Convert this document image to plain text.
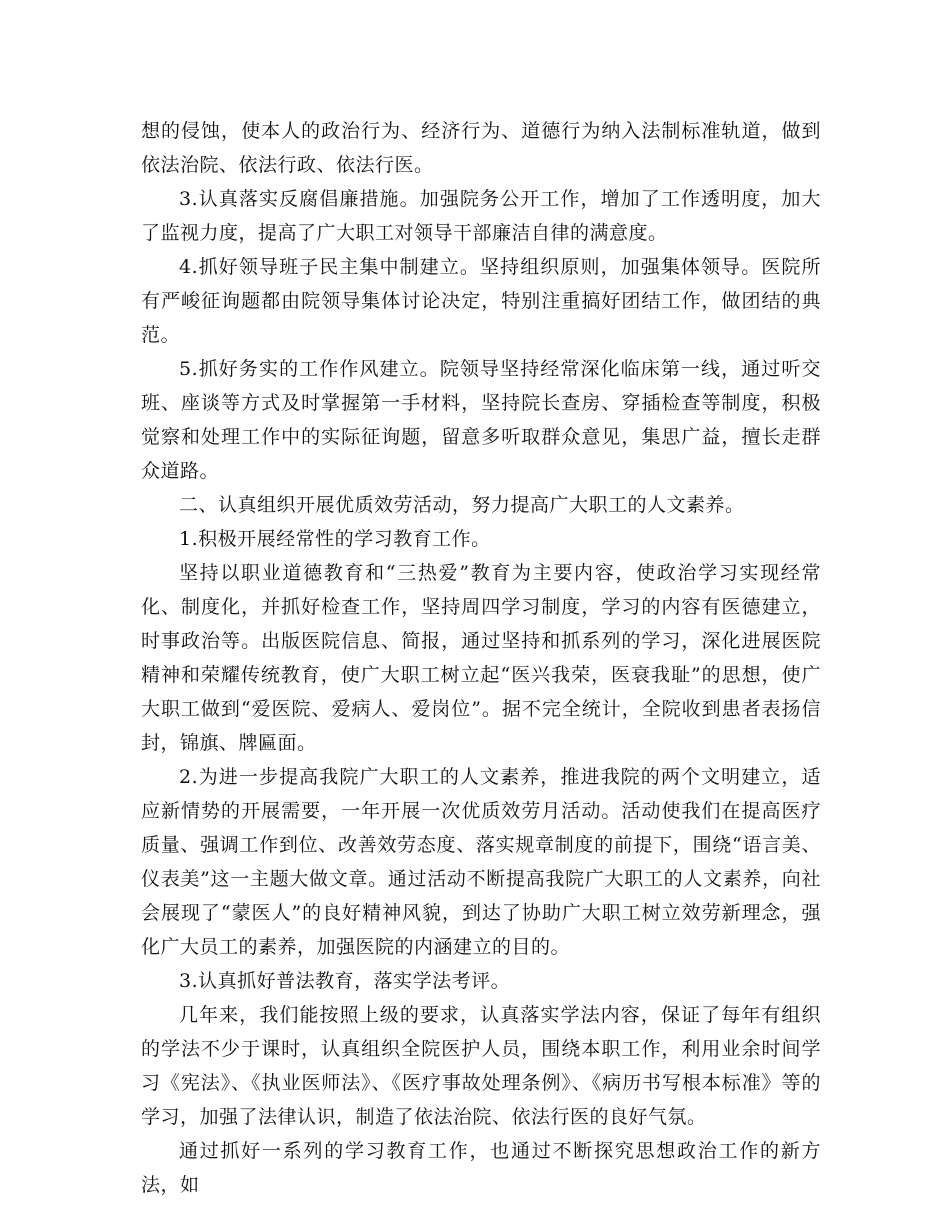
想的侵蚀，使本人的政治行为、经济行为、道德行为纳入法制标准轨道，做到依法治院、依法行政、依法行医。

3.认真落实反腐倡廉措施。加强院务公开工作，增加了工作透明度，加大了监视力度，提高了广大职工对领导干部廉洁自律的满意度。

4.抓好领导班子民主集中制建立。坚持组织原则，加强集体领导。医院所有严峻征询题都由院领导集体讨论决定，特别注重搞好团结工作，做团结的典范。

5.抓好务实的工作作风建立。院领导坚持经常深化临床第一线，通过听交班、座谈等方式及时掌握第一手材料，坚持院长查房、穿插检查等制度，积极觉察和处理工作中的实际征询题，留意多听取群众意见，集思广益，擅长走群众道路。

二、认真组织开展优质效劳活动，努力提高广大职工的人文素养。

1.积极开展经常性的学习教育工作。

坚持以职业道德教育和“三热爱”教育为主要内容，使政治学习实现经常化、制度化，并抓好检查工作，坚持周四学习制度，学习的内容有医德建立，时事政治等。出版医院信息、简报，通过坚持和抓系列的学习，深化进展医院精神和荣耀传统教育，使广大职工树立起“医兴我荣，医衰我耻”的思想，使广大职工做到“爱医院、爱病人、爱岗位”。据不完全统计，全院收到患者表扬信封，锦旗、牌匾面。

2.为进一步提高我院广大职工的人文素养，推进我院的两个文明建立，适应新情势的开展需要，一年开展一次优质效劳月活动。活动使我们在提高医疗质量、强调工作到位、改善效劳态度、落实规章制度的前提下，围绕“语言美、仪表美”这一主题大做文章。通过活动不断提高我院广大职工的人文素养，向社会展现了“蒙医人”的良好精神风貌，到达了协助广大职工树立效劳新理念，强化广大员工的素养，加强医院的内涵建立的目的。

3.认真抓好普法教育，落实学法考评。

几年来，我们能按照上级的要求，认真落实学法内容，保证了每年有组织的学法不少于课时，认真组织全院医护人员，围绕本职工作，利用业余时间学习《宪法》、《执业医师法》、《医疗事故处理条例》、《病历书写根本标准》等的学习，加强了法律认识，制造了依法治院、依法行医的良好气氛。

通过抓好一系列的学习教育工作，也通过不断探究思想政治工作的新方法，如
